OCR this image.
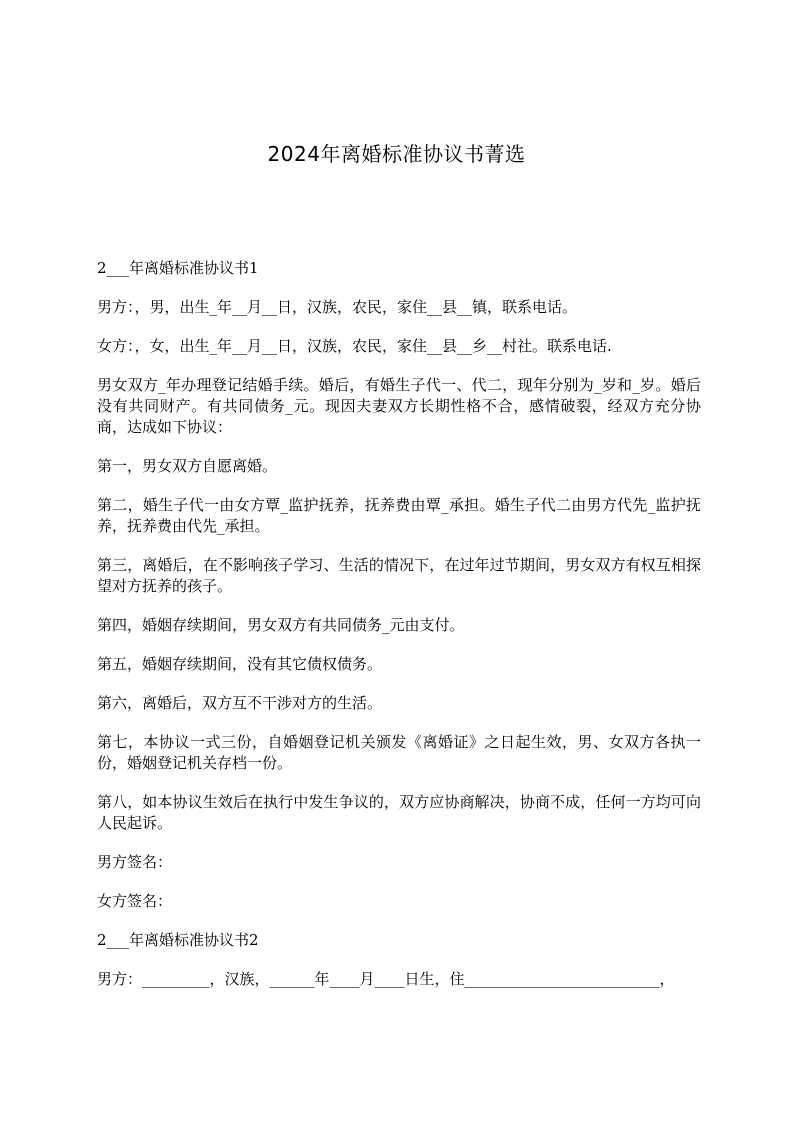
2024年离婚标准协议书菁选

2___年离婚标准协议书1

男方：，男，出生_年__月__日，汉族，农民，家住__县__镇，联系电话。

女方：，女，出生_年__月__日，汉族，农民，家住__县__乡__村社。联系电话.

男女双方_年办理登记结婚手续。婚后，有婚生子代一、代二，现年分别为_岁和_岁。婚后没有共同财产。有共同债务_元。现因夫妻双方长期性格不合，感情破裂，经双方充分协商，达成如下协议：

第一，男女双方自愿离婚。

第二，婚生子代一由女方覃_监护抚养，抚养费由覃_承担。婚生子代二由男方代先_监护抚养，抚养费由代先_承担。

第三，离婚后，在不影响孩子学习、生活的情况下，在过年过节期间，男女双方有权互相探望对方抚养的孩子。

第四，婚姻存续期间，男女双方有共同债务_元由支付。

第五，婚姻存续期间，没有其它债权债务。

第六，离婚后，双方互不干涉对方的生活。

第七，本协议一式三份，自婚姻登记机关颁发《离婚证》之日起生效，男、女双方各执一份，婚姻登记机关存档一份。

第八，如本协议生效后在执行中发生争议的，双方应协商解决，协商不成，任何一方均可向人民起诉。

男方签名：

女方签名：

2___年离婚标准协议书2

男方：_________，汉族，______年____月____日生，住__________________________，
